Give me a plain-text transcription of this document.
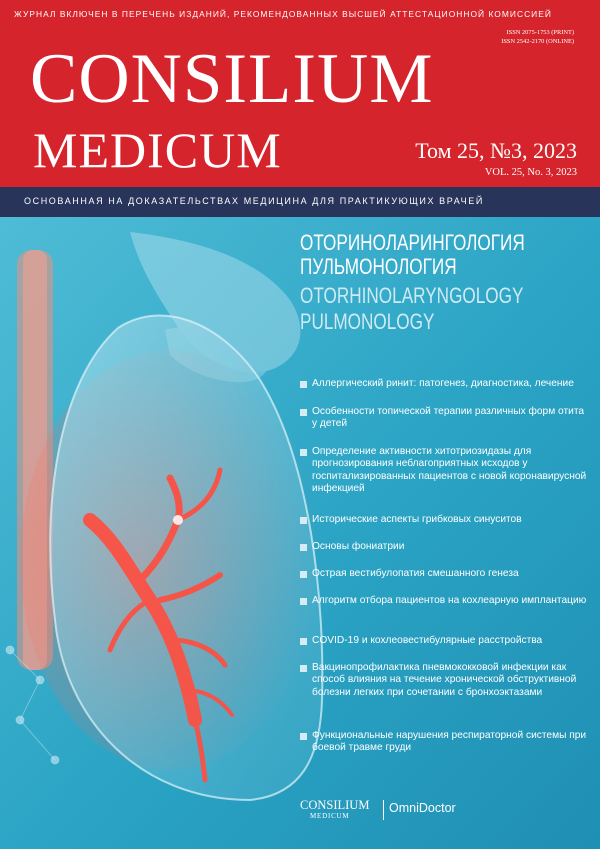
ЖУРНАЛ ВКЛЮЧЕН В ПЕРЕЧЕНЬ ИЗДАНИЙ, РЕКОМЕНДОВАННЫХ ВЫСШЕЙ АТТЕСТАЦИОННОЙ КОМИССИЕЙ
ISSN 2075-1753 (PRINT)
ISSN 2542-2170 (ONLINE)
CONSILIUM
MEDICUM	Том 25, №3, 2023
VOL. 25, No. 3, 2023
ОСНОВАННАЯ НА ДОКАЗАТЕЛЬСТВАХ МЕДИЦИНА ДЛЯ ПРАКТИКУЮЩИХ ВРАЧЕЙ
ОТОРИНОЛАРИНГОЛОГИЯ
ПУЛЬМОНОЛОГИЯ
OTORHINOLARYNGOLOGY
PULMONOLOGY
Аллергический ринит: патогенез, диагностика, лечение
Особенности топической терапии различных форм отита у детей
Определение активности хитотриозидазы для прогнозирования неблагоприятных исходов у госпитализированных пациентов с новой коронавирусной инфекцией
Исторические аспекты грибковых синуситов
Основы фониатрии
Острая вестибулопатия смешанного генеза
Алгоритм отбора пациентов на кохлеарную имплантацию
COVID-19 и кохлеовестибулярные расстройства
Вакцинопрофилактика пневмококковой инфекции как способ влияния на течение хронической обструктивной болезни легких при сочетании с бронхоэктазами
Функциональные нарушения респираторной системы при боевой травме груди
CONSILIUM
MEDICUM
OmniDoctor
